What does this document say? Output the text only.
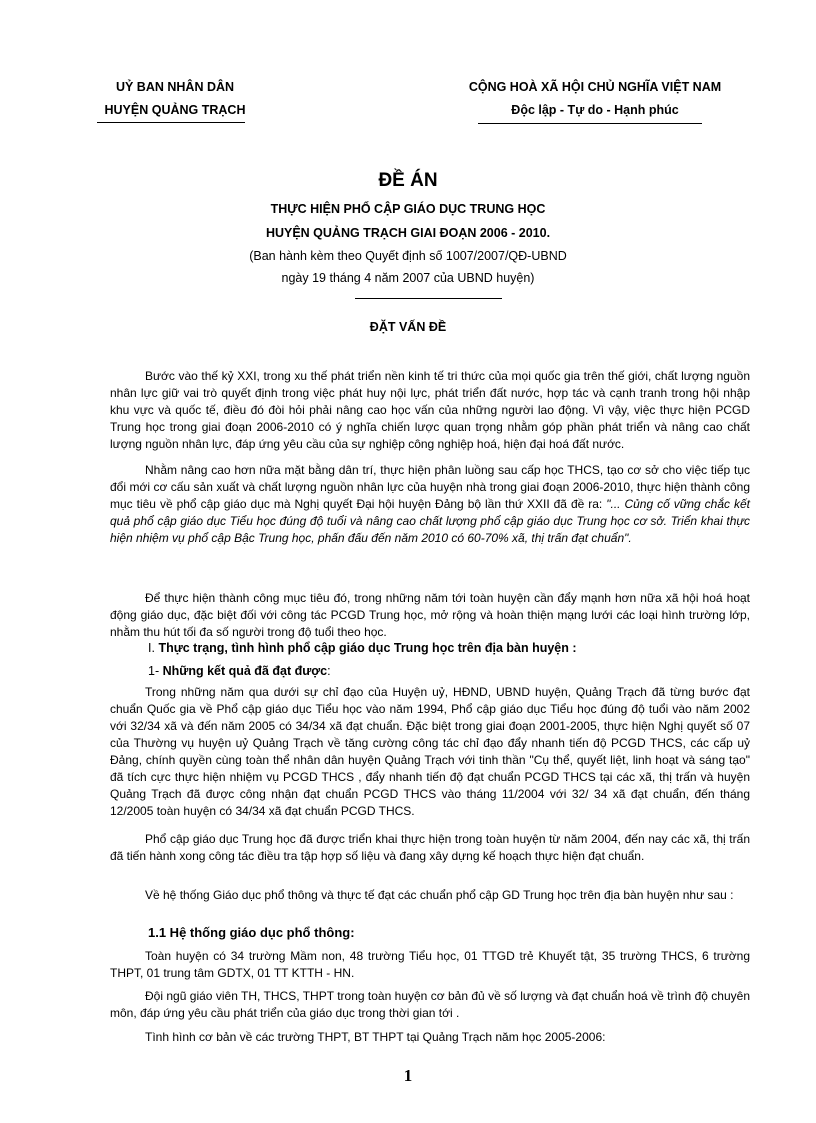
UỶ BAN NHÂN DÂN
HUYỆN QUẢNG TRẠCH
CỘNG HOÀ XÃ HỘI CHỦ NGHĨA VIỆT NAM
Độc lập - Tự do - Hạnh phúc
ĐỀ ÁN
THỰC HIỆN PHỔ CẬP GIÁO DỤC TRUNG HỌC
HUYỆN QUẢNG TRẠCH GIAI ĐOẠN 2006 - 2010.
(Ban hành kèm theo Quyết định số 1007/2007/QĐ-UBND
ngày 19 tháng 4 năm 2007 của UBND huyện)
ĐẶT VẤN ĐỀ
Bước vào thế kỷ XXI, trong xu thế phát triển nền kinh tế tri thức của mọi quốc gia trên thế giới, chất lượng nguồn nhân lực giữ vai trò quyết định trong việc phát huy nội lực, phát triển đất nước, hợp tác và cạnh tranh trong hội nhập khu vực và quốc tế, điều đó đòi hỏi phải nâng cao học vấn của những người lao động. Vì vậy, việc thực hiện PCGD Trung học trong giai đoạn 2006-2010 có ý nghĩa chiến lược quan trọng nhằm góp phần phát triển và nâng cao chất lượng nguồn nhân lực, đáp ứng yêu cầu của sự nghiệp công nghiệp hoá, hiện đại hoá đất nước.
Nhằm nâng cao hơn nữa mặt bằng dân trí, thực hiện phân luồng sau cấp học THCS, tạo cơ sở cho việc tiếp tục đổi mới cơ cấu sản xuất và chất lượng nguồn nhân lực của huyện nhà trong giai đoạn 2006-2010, thực hiện thành công mục tiêu về phổ cập giáo dục mà Nghị quyết Đại hội huyện Đảng bộ lần thứ XXII đã đề ra: "... Củng cố vững chắc kết quả phổ cập giáo dục Tiểu học đúng độ tuổi và nâng cao chất lượng phổ cập giáo dục Trung học cơ sở. Triển khai thực hiện nhiệm vụ phổ cập Bậc Trung học, phấn đấu đến năm 2010 có 60-70% xã, thị trấn đạt chuẩn".
Để thực hiện thành công mục tiêu đó, trong những năm tới toàn huyện cần đẩy mạnh hơn nữa xã hội hoá hoạt động giáo dục, đặc biệt đối với công tác PCGD Trung học, mở rộng và hoàn thiện mạng lưới các loại hình trường lớp, nhằm thu hút tối đa số người trong độ tuổi theo học.
I. Thực trạng, tình hình phổ cập giáo dục Trung học trên địa bàn huyện :
1- Những kết quả đã đạt được:
Trong những năm qua dưới sự chỉ đạo của Huyện uỷ, HĐND, UBND huyện, Quảng Trạch đã từng bước đạt chuẩn Quốc gia về Phổ cập giáo dục Tiểu học vào năm 1994, Phổ cập giáo dục Tiểu học đúng độ tuổi vào năm 2002 với 32/34 xã và đến năm 2005 có 34/34 xã đạt chuẩn. Đặc biệt trong giai đoạn 2001-2005, thực hiện Nghị quyết số 07 của Thường vụ huyện uỷ Quảng Trạch về tăng cường công tác chỉ đạo đẩy nhanh tiến độ PCGD THCS, các cấp uỷ Đảng, chính quyền cùng toàn thể nhân dân huyện Quảng Trạch với tinh thần "Cụ thể, quyết liệt, linh hoạt và sáng tạo" đã tích cực thực hiện nhiệm vụ PCGD THCS , đẩy nhanh tiến độ đạt chuẩn PCGD THCS tại các xã, thị trấn và huyện Quảng Trạch đã được công nhận đạt chuẩn PCGD THCS vào tháng 11/2004 với 32/ 34 xã đạt chuẩn, đến tháng 12/2005 toàn huyện có 34/34 xã đạt chuẩn PCGD THCS.
Phổ cập giáo dục Trung học đã được triển khai thực hiện trong toàn huyện từ năm 2004, đến nay các xã, thị trấn đã tiến hành xong công tác điều tra tập hợp số liệu và đang xây dựng kế hoạch thực hiện đạt chuẩn.
Về hệ thống Giáo dục phổ thông và thực tế đạt các chuẩn phổ cập GD Trung học trên địa bàn huyện như sau :
1.1 Hệ thống giáo dục phổ thông:
Toàn huyện có 34 trường Mầm non, 48 trường Tiểu học, 01 TTGD trẻ Khuyết tật, 35 trường THCS, 6 trường THPT, 01 trung tâm GDTX, 01 TT KTTH - HN.
Đội ngũ giáo viên TH, THCS, THPT trong toàn huyện cơ bản đủ về số lượng và đạt chuẩn hoá về trình độ chuyên môn, đáp ứng yêu cầu phát triển của giáo dục trong thời gian tới .
Tình hình cơ bản về các trường THPT, BT THPT tại Quảng Trạch năm học 2005-2006:
1
